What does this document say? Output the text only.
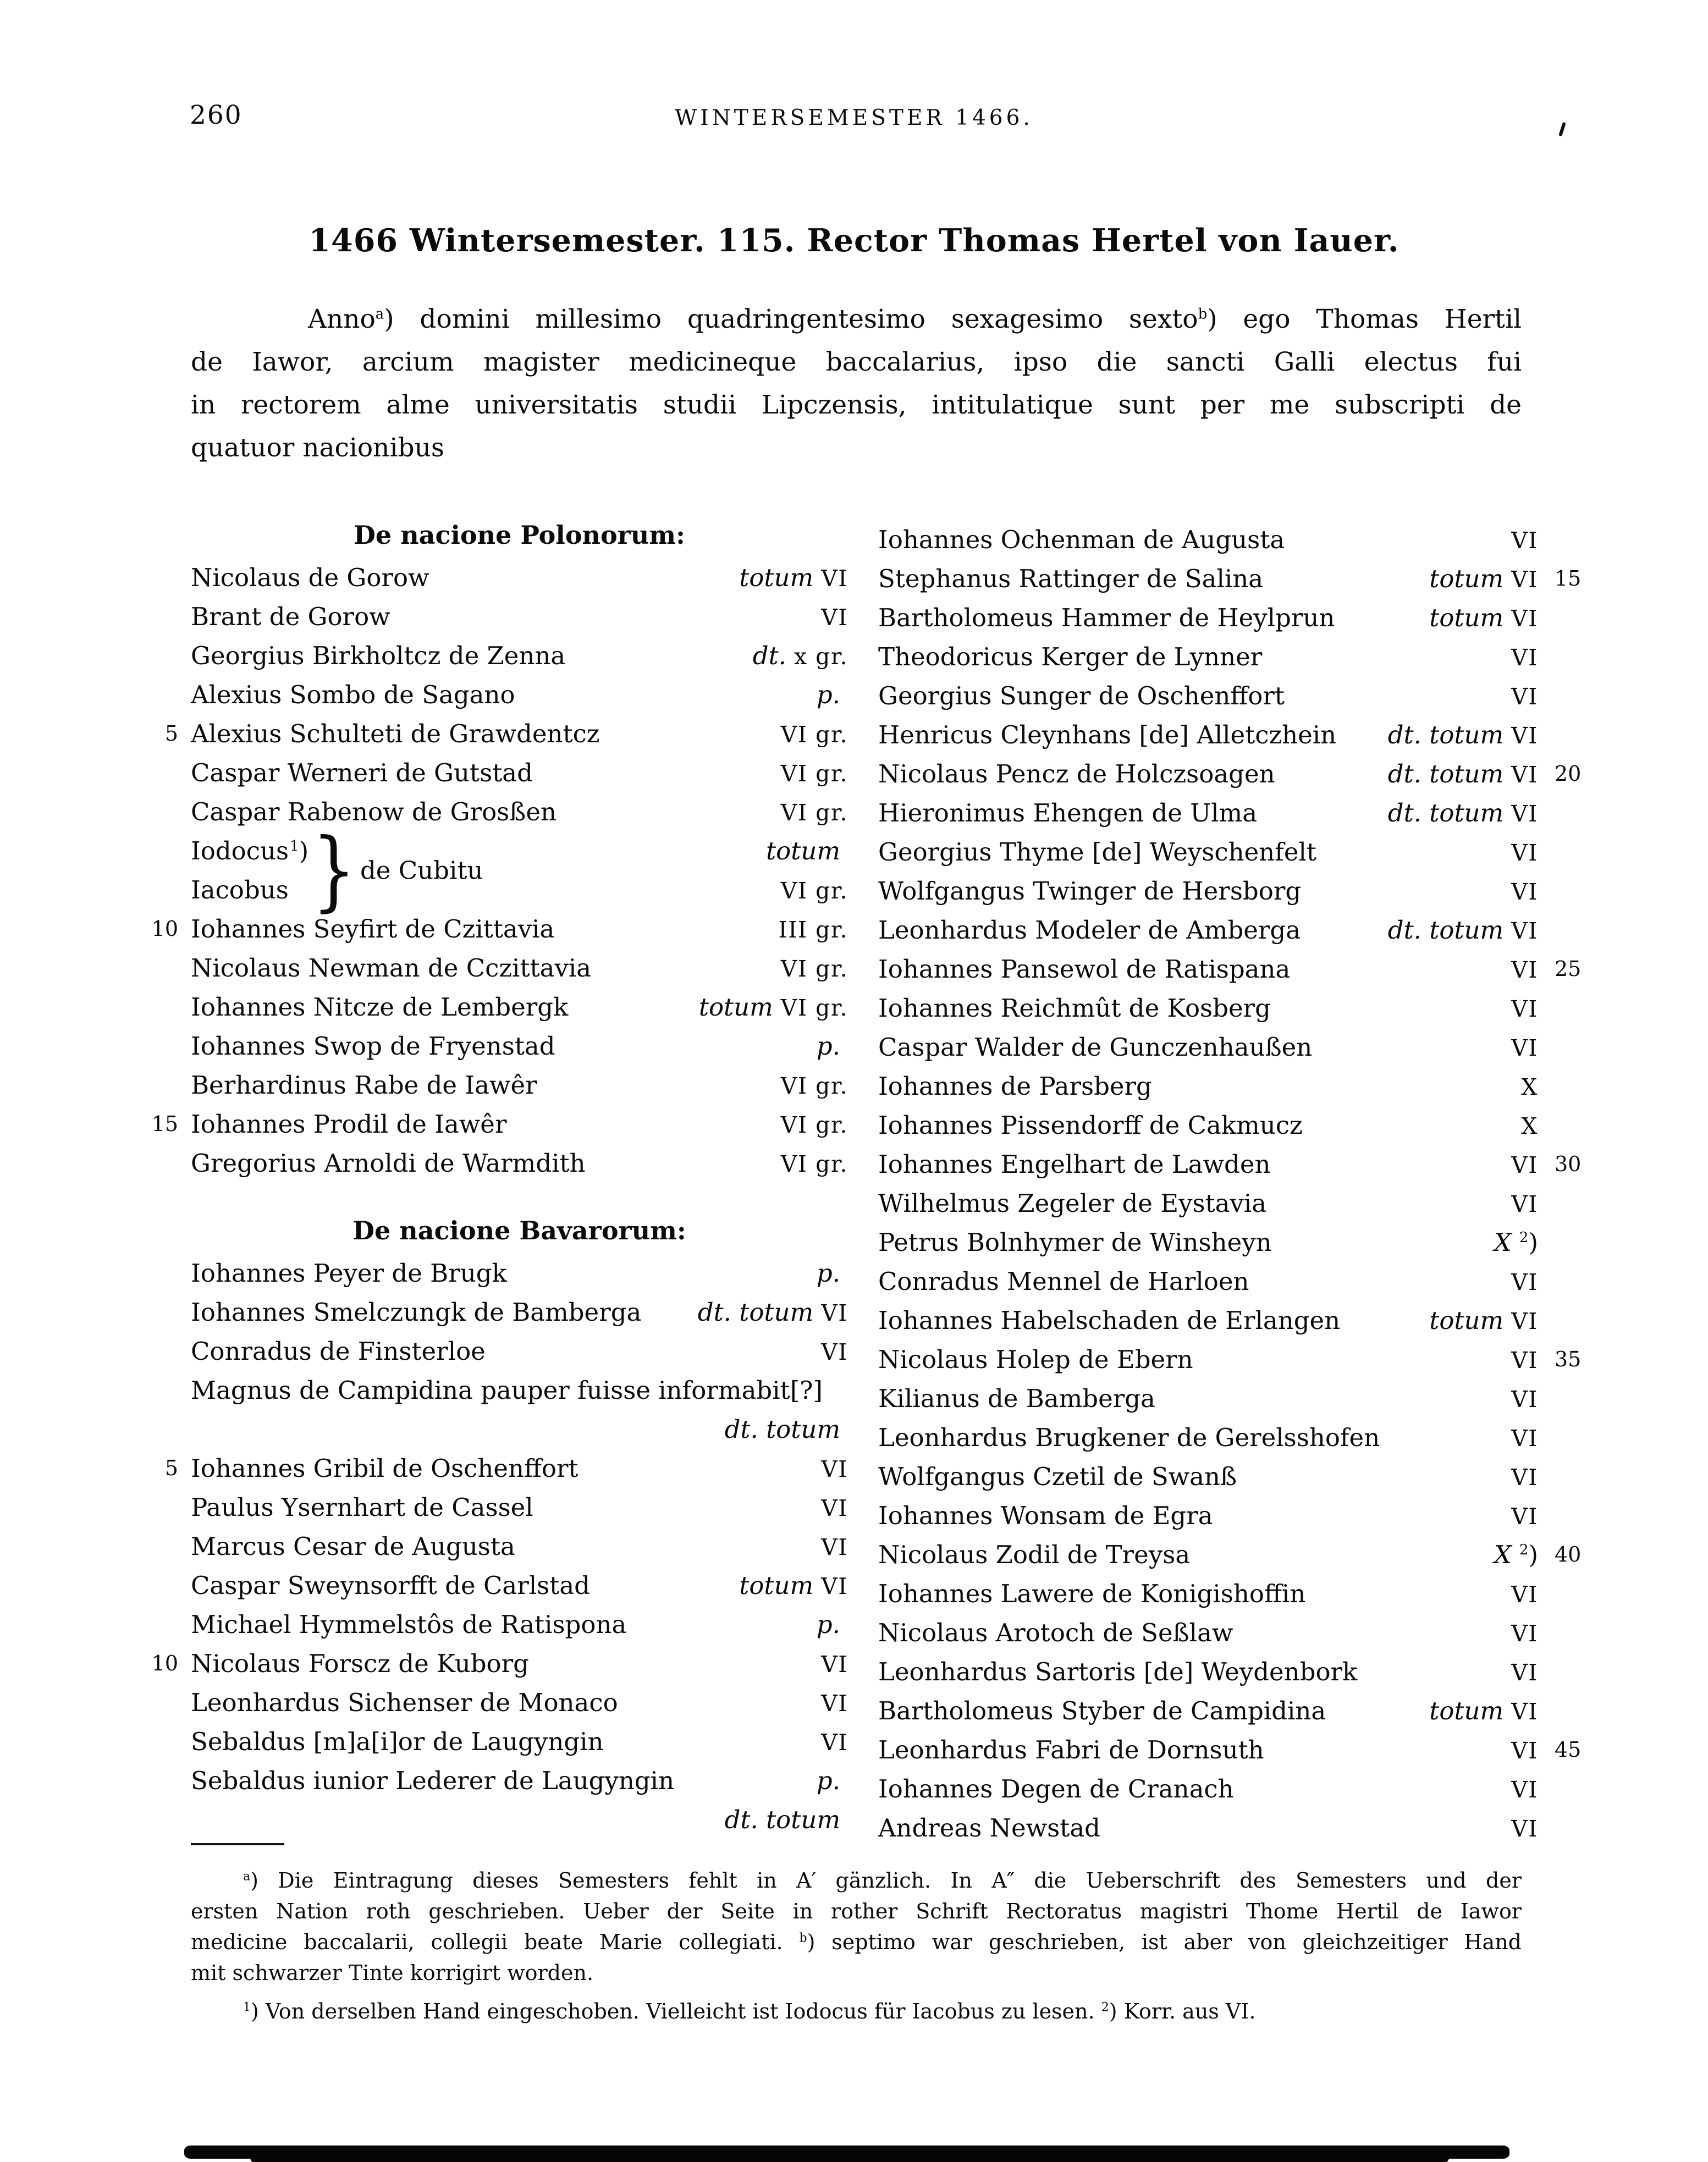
260	WINTERSEMESTER 1466.
1466 Wintersemester. 115. Rector Thomas Hertel von Iauer.
Anno$^a$) domini millesimo quadringentesimo sexagesimo sexto$^b$) ego Thomas Hertil
de Iawor, arcium magister medicineque baccalarius, ipso die sancti Galli electus fui
in rectorem alme universitatis studii Lipczensis, intitulatique sunt per me subscripti de
quatuor nacionibus
De nacione Polonorum:
Nicolaus de Gorow	totum VI
Brant de Gorow	VI
Georgius Birkholtcz de Zenna	dt. x gr.
Alexius Sombo de Sagano	p.
5 Alexius Schulteti de Grawdentcz	VI gr.
Caspar Werneri de Gutstad	VI gr.
Caspar Rabenow de Grosßen	VI gr.
Iodocus$^1$)	totum
Iacobus	VI gr.
} de Cubitu
10 Iohannes Seyfirt de Czittavia	III gr.
Nicolaus Newman de Cczittavia	VI gr.
Iohannes Nitcze de Lembergk	totum VI gr.
Iohannes Swop de Fryenstad	p.
Berhardinus Rabe de Iawêr	VI gr.
15 Iohannes Prodil de Iawêr	VI gr.
Gregorius Arnoldi de Warmdith	VI gr.
De nacione Bavarorum:
Iohannes Peyer de Brugk	p.
Iohannes Smelczungk de Bamberga	dt. totum VI
Conradus de Finsterloe	VI
Magnus de Campidina pauper fuisse informabit[?]
dt. totum
5 Iohannes Gribil de Oschenffort	VI
Paulus Ysernhart de Cassel	VI
Marcus Cesar de Augusta	VI
Caspar Sweynsorfft de Carlstad	totum VI
Michael Hymmelstôs de Ratispona	p.
10 Nicolaus Forscz de Kuborg	VI
Leonhardus Sichenser de Monaco	VI
Sebaldus [m]a[i]or de Laugyngin	VI
Sebaldus iunior Lederer de Laugyngin	p.
dt. totum
Iohannes Ochenman de Augusta	VI
Stephanus Rattinger de Salina	totum VI 15
Bartholomeus Hammer de Heylprun	totum VI
Theodoricus Kerger de Lynner	VI
Georgius Sunger de Oschenffort	VI
Henricus Cleynhans [de] Alletczhein	dt. totum VI
Nicolaus Pencz de Holczsoagen	dt. totum VI 20
Hieronimus Ehengen de Ulma	dt. totum VI
Georgius Thyme [de] Weyschenfelt	VI
Wolfgangus Twinger de Hersborg	VI
Leonhardus Modeler de Amberga	dt. totum VI
Iohannes Pansewol de Ratispana	VI 25
Iohannes Reichmût de Kosberg	VI
Caspar Walder de Gunczenhaußen	VI
Iohannes de Parsberg	X
Iohannes Pissendorff de Cakmucz	X
Iohannes Engelhart de Lawden	VI 30
Wilhelmus Zegeler de Eystavia	VI
Petrus Bolnhymer de Winsheyn	X $^2$)
Conradus Mennel de Harloen	VI
Iohannes Habelschaden de Erlangen	totum VI
Nicolaus Holep de Ebern	VI 35
Kilianus de Bamberga	VI
Leonhardus Brugkener de Gerelsshofen	VI
Wolfgangus Czetil de Swanß	VI
Iohannes Wonsam de Egra	VI
Nicolaus Zodil de Treysa	X $^2$) 40
Iohannes Lawere de Konigishoffin	VI
Nicolaus Arotoch de Seßlaw	VI
Leonhardus Sartoris [de] Weydenbork	VI
Bartholomeus Styber de Campidina	totum VI
Leonhardus Fabri de Dornsuth	VI 45
Iohannes Degen de Cranach	VI
Andreas Newstad	VI
$^a$) Die Eintragung dieses Semesters fehlt in A′ gänzlich. In A″ die Ueberschrift des Semesters und der
ersten Nation roth geschrieben. Ueber der Seite in rother Schrift Rectoratus magistri Thome Hertil de Iawor
medicine baccalarii, collegii beate Marie collegiati. $^b$) septimo war geschrieben, ist aber von gleichzeitiger Hand
mit schwarzer Tinte korrigirt worden.
$^1$) Von derselben Hand eingeschoben. Vielleicht ist Iodocus für Iacobus zu lesen. $^2$) Korr. aus VI.
